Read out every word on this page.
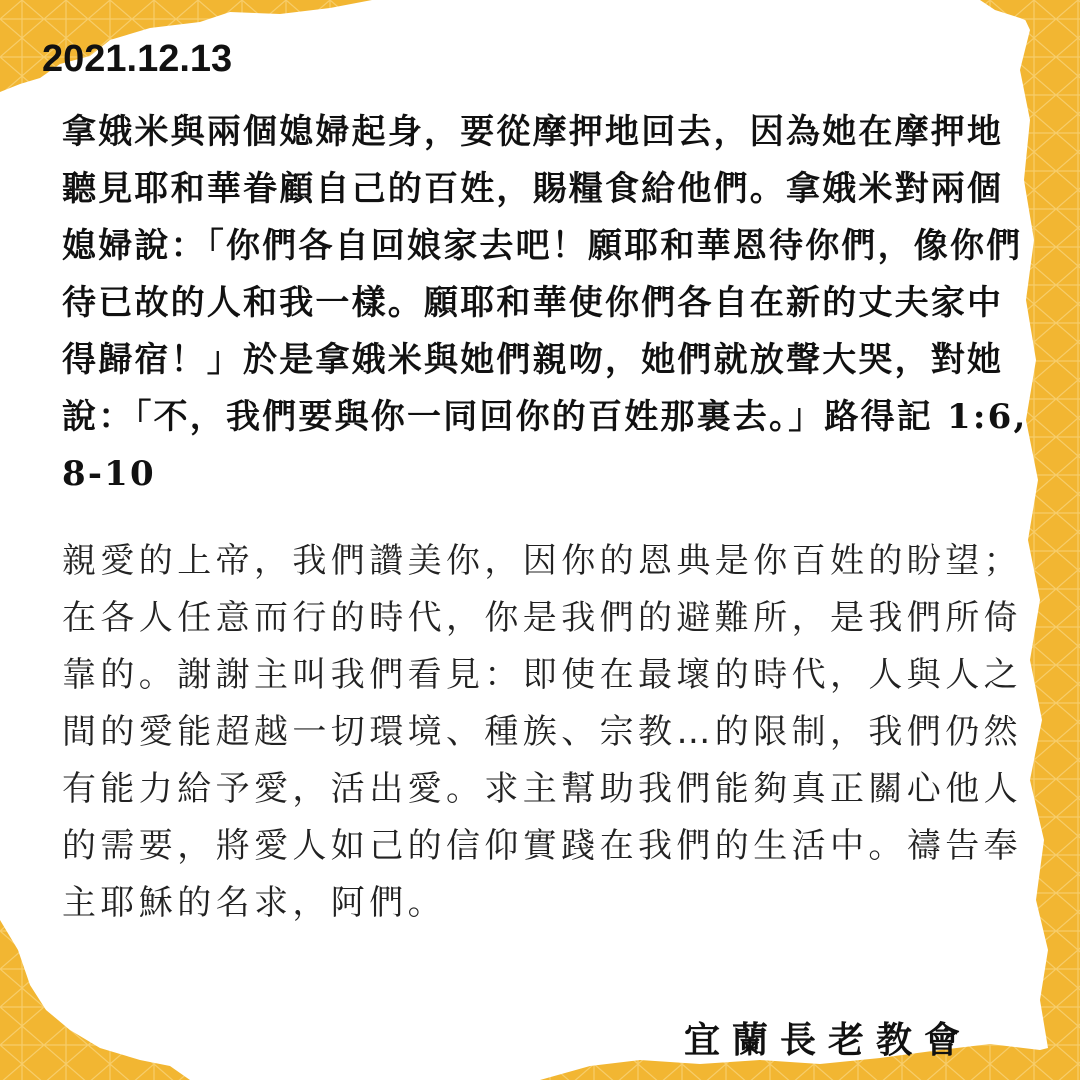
2021.12.13

拿娥米與兩個媳婦起身，要從摩押地回去，因為她在摩押地聽見耶和華眷顧自己的百姓，賜糧食給他們。拿娥米對兩個媳婦說：「你們各自回娘家去吧！願耶和華恩待你們，像你們待已故的人和我一樣。願耶和華使你們各自在新的丈夫家中得歸宿！」於是拿娥米與她們親吻，她們就放聲大哭，對她說：「不，我們要與你一同回你的百姓那裏去。」路得記 1:6, 8-10

親愛的上帝，我們讚美你，因你的恩典是你百姓的盼望；在各人任意而行的時代，你是我們的避難所，是我們所倚靠的。謝謝主叫我們看見：即使在最壞的時代，人與人之間的愛能超越一切環境、種族、宗教…的限制，我們仍然有能力給予愛，活出愛。求主幫助我們能夠真正關心他人的需要，將愛人如己的信仰實踐在我們的生活中。禱告奉主耶穌的名求，阿們。

宜蘭長老教會
